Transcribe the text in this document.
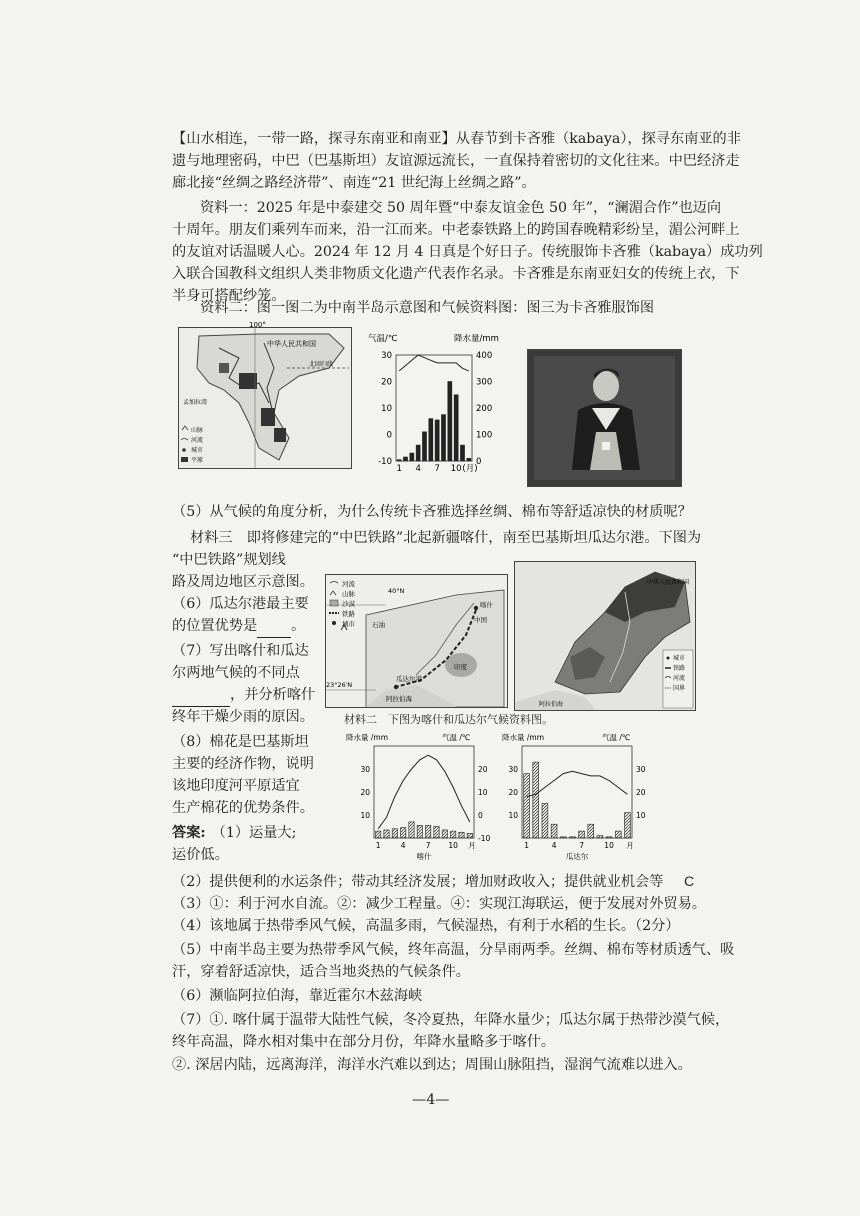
【山水相连，一带一路，探寻东南亚和南亚】从春节到卡吝雅（kabaya），探寻东南亚的非
遗与地理密码，中巴（巴基斯坦）友谊源远流长，一直保持着密切的文化往来。中巴经济走
廊北接“丝绸之路经济带”、南连“21 世纪海上丝绸之路”。
资料一：2025 年是中泰建交 50 周年暨“中泰友谊金色 50 年”，“澜湄合作”也迈向
十周年。朋友们乘列车而来，沿一江而来。中老泰铁路上的跨国春晚精彩纷呈，湄公河畔上
的友谊对话温暖人心。2024 年 12 月 4 日真是个好日子。传统服饰卡吝雅（kabaya）成功列
入联合国教科文组织人类非物质文化遗产代表作名录。卡吝雅是东南亚妇女的传统上衣，下
半身可搭配纱笼。
资料二：图一图二为中南半岛示意图和气候资料图：图三为卡吝雅服饰图
100°
中华人民共和国
北回归线
孟加拉湾
山脉
河流
城市
平原
30
20
10
0
-10
400
300
200
100
0
1 4 7 10 (月)
气温/℃	降水量/mm
（5）从气候的角度分析，为什么传统卡吝雅选择丝绸、棉布等舒适凉快的材质呢？
材料三　即将修建完的“中巴铁路”北起新疆喀什，南至巴基斯坦瓜达尔港。下图为
“中巴铁路”规划线
路及周边地区示意图。
（6）瓜达尔港最主要
的位置优势是 。
（7）写出喀什和瓜达
尔两地气候的不同点
，并分析喀什
终年干燥少雨的原因。
（8）棉花是巴基斯坦
主要的经济作物，说明
该地印度河平原适宜
生产棉花的优势条件。
河流
山脉
沙漠
铁路
城市
40°N
23°26′N
喀什
中国
石油
印度
阿拉伯海
瓜达尔港
中华人民共和国
阿拉伯海
城市
铁路
河流
国界
材料二　下图为喀什和瓜达尔气候资料图。
30
20
10
20
10
0
-10
1	4	7 10 月
降水量 /mm	气温 /℃
喀什
30
20
10
30
20
10
1	4	7	10 月
降水量 /mm	气温 /℃
瓜达尔
答案: （1）运量大;
运价低。
（2）提供便利的水运条件；带动其经济发展；增加财政收入；提供就业机会等 C
（3）①：利于河水自流。②：减少工程量。④：实现江海联运，便于发展对外贸易。
（4）该地属于热带季风气候，高温多雨，气候湿热，有利于水稻的生长。（2分）
（5）中南半岛主要为热带季风气候，终年高温，分旱雨两季。丝绸、棉布等材质透气、吸
汗，穿着舒适凉快，适合当地炎热的气候条件。
（6）濒临阿拉伯海，靠近霍尔木兹海峡
（7）①. 喀什属于温带大陆性气候，冬冷夏热，年降水量少；瓜达尔属于热带沙漠气候，
终年高温，降水相对集中在部分月份，年降水量略多于喀什。
②. 深居内陆，远离海洋，海洋水汽难以到达；周围山脉阻挡，湿润气流难以进入。
—4—
